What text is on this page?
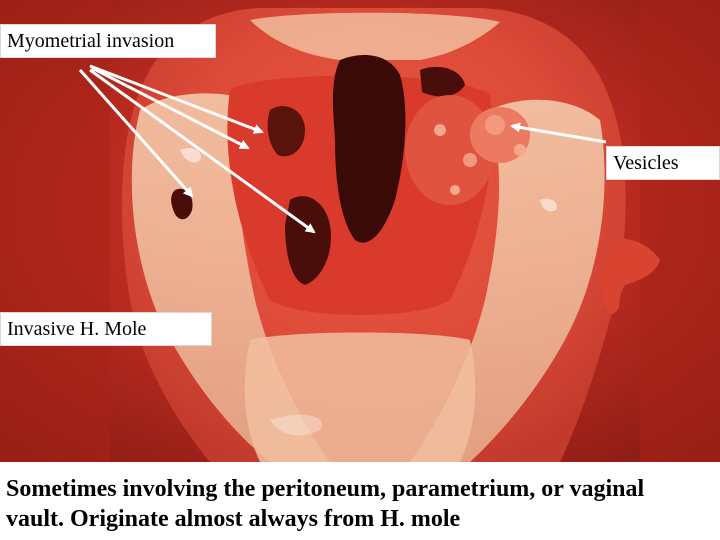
Myometrial invasion
Vesicles
Invasive H. Mole
Sometimes involving the peritoneum, parametrium, or vaginal vault. Originate almost always from H. mole
